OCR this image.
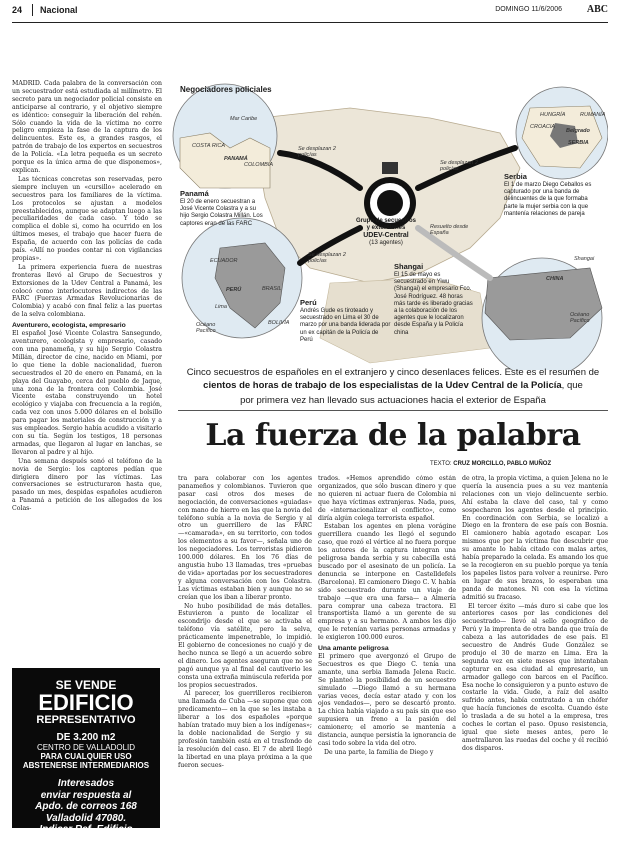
24 Nacional	DOMINGO 11/6/2006 ABC

MADRID. Cada palabra de la conversación con un secuestrador está estudiada al milímetro. El secreto para un negociador policial consiste en anticiparse al contrario, y el objetivo siempre es idéntico: conseguir la liberación del rehén. Sólo cuando la vida de la víctima no corre peligro empieza la fase de la captura de los delincuentes. Este es, a grandes rasgos, el patrón de trabajo de los expertos en secuestros de la Policía. «La letra pequeña es un secreto porque es la única arma de que disponemos», explican.

Las técnicas concretas son reservadas, pero siempre incluyen un «cursillo» acelerado en secuestros para los familiares de la víctima. Los protocolos se ajustan a modelos preestablecidos, aunque se adaptan luego a las peculiaridades de cada caso. Y todo se complica el doble si, como ha ocurrido en los últimos meses, el trabajo que hacer fuera de España, de acuerdo con las policías de cada país. «Allí no puedes contar ni con vigilancias propias».

La primera experiencia fuera de nuestras fronteras llevó al Grupo de Secuestros y Extorsiones de la Udev Central a Panamá, les colocó como interlocutores indirectos de las FARC (Fuerzas Armadas Revolucionarias de Colombia) y acabó con final feliz a las puertas de la selva colombiana.

Aventurero, ecologista, empresario

El español José Vicente Colastra Sansegundo, aventurero, ecologista y empresario, casado con una panameña, y su hijo Sergio Colastra Millán, director de cine, nacido en Miami, por lo que tiene la doble nacionalidad, fueron secuestrados el 20 de enero en Panamá, en la playa del Guayabo, cerca del pueblo de Jaque, una zona de la frontera con Colombia. José Vicente estaba construyendo un hotel ecológico y viajaba con frecuencia a la región, cada vez con unos 5.000 dólares en el bolsillo para pagar los materiales de construcción y a sus empleados. Sergio había acudido a visitarlo con su tía. Según los testigos, 18 personas armadas, que llegaron al lugar en lanchas, se llevaron al padre y al hijo.

Una semana después sonó el teléfono de la novia de Sergio: los captores pedían que dirigiera dinero por las víctimas. Las conversaciones se estructuraron hasta que, pasado un mes, despidas españoles acudieron a Panamá a petición de los allegados de los Colas-

SE VENDE
EDIFICIO
REPRESENTATIVO
DE 3.200 m2
CENTRO DE VALLADOLID
PARA CUALQUIER USO
ABSTENERSE INTERMEDIARIOS
Interesados
enviar respuesta al
Apdo. de correos 168
Valladolid 47080.
Indicar Ref. Edificio
Negociadores policiales
Mar Caribe
COSTA RICA
PANAMÁ
COLOMBIA
Se desplazan 2 policías
Se desplazan 2 policías
Se desplazan 2 policías
Resuelto desde España
ECUADOR
BRASIL
PERÚ
Lima
BOLIVIA
Océano Pacífico
CHINA
Shangai
Océano Pacífico
HUNGRÍA
CROACIA
Belgrado
RUMANÍA
SERBIA
Panamá
El 20 de enero secuestran a José Vicente Colastra y a su hijo Sergio Colastra Millán. Los captores eran de las FARC
Perú
Andrés Gude es tiroteado y secuestrado en Lima el 30 de marzo por una banda liderada por un ex capitán de la Policía de Perú
Shangai
El 15 de mayo es secuestrado en Yiwu (Shangai) el empresario Fco. José Rodríguez. 48 horas más tarde es liberado gracias a la colaboración de los agentes que le localizaron desde España y la Policía china
Serbia
El 1 de marzo Diego Ceballos es capturado por una banda de delincuentes de la que formaba parte la mujer serbia con la que mantenía relaciones de pareja
Grupo de secuestros
y extorsiones
UDEV-Central
(13 agentes)
Cinco secuestros de españoles en el extranjero y cinco desenlaces felices. Este es el resumen de
cientos de horas de trabajo de los especialistas de la Udev Central de la Policía, que
por primera vez han llevado sus actuaciones hacia el exterior de España
La fuerza de la palabra
TEXTO: CRUZ MORCILLO, PABLO MUÑOZ

tra para colaborar con los agentes panameños y colombianos. Tuvieron que pasar casi otros dos meses de negociación, de conversaciones «guiadas» con mano de hierro en las que la novia del teléfono subía a la novia de Sergio y al otro un guerrillero de las FARC —«camarada», en su territorio, con todos los elementos a su favor—, señala uno de los negociadores. Los terroristas pidieron 100.000 dólares. En los 76 días de angustia hubo 13 llamadas, tres «pruebas de vida» aportadas por los secuestradores y alguna conversación con los Colastra. Las víctimas estaban bien y aunque no se creían que los iban a liberar pronto.

No hubo posibilidad de más detalles. Estuvieron a punto de localizar el escondrijo desde el que se activaba el teléfono vía satélite, pero la selva, prácticamente impenetrable, lo impidió. El gobierno de concesiones no cuajó y de hecho nunca se llegó a un acuerdo sobre el dinero. Los agentes aseguran que no se pagó aunque ya al final del cautiverio les consta una extraña minúscula referida por los propios secuestrados.

Al parecer, los guerrilleros recibieron una llamada de Cuba —se supone que con predicamento— en la que se les instaba a liberar a los dos españoles «porque habían tratado muy bien a los indígenas»; la doble nacionalidad de Sergio y su profesión también está en el trasfondo de la resolución del caso. El 7 de abril llegó la libertad en una playa próxima a la que fueron secues-

trados. «Hemos aprendido cómo están organizados, que sólo buscan dinero y que no quieren ni actuar fuera de Colombia ni que haya víctimas extranjeras. Nada, pues, de «internacionalizar el conflicto», como diría algún colega terrorista español.

Estaban los agentes en plena vorágine guerrillera cuando les llegó el segundo caso, que rozó el vértice al no fuera porque los autores de la captura integran una peligrosa banda serbia y su cabecilla está buscado por el asesinato de un policía. La denuncia se interpone en Castelldefels (Barcelona). El camionero Diego C. V. había sido secuestrado durante un viaje de trabajo —que era una farsa— a Almería para comprar una cabeza tractora. El transportista llamó a un gerente de su empresa y a su hermano. A ambos les dijo que le retenían varias personas armadas y le exigieron 100.000 euros.

Una amante peligrosa

El primero que avergonzó el Grupo de Secuestros es que Diego C. tenía una amante, una serbia llamada Jelena Rucic. Se planteó la posibilidad de un secuestro simulado —Diego llamó a su hermana varias veces, decía estar atado y con los ojos vendados—, pero se descartó pronto. La chica había viajado a su país sin que eso supusiera un freno a la pasión del camionero; el amorío se mantenía a distancia, aunque persistía la ignorancia de casi todo sobre la vida del otro.

De una parte, la familia de Diego y

de otra, la propia víctima, a quien Jelena no le quería la ausencia pues a su vez mantenía relaciones con un viejo delincuente serbio. Ahí estaba la clave del caso, tal y como sospecharon los agentes desde el principio. En coordinación con Serbia, se localizó a Diego en la frontera de ese país con Bosnia. El camionero había agotado escapar. Los mismos que por la víctima fue descubrir que su amante lo había citado con malas artes, había preparado la celada. Es amando los que se la recogieron en su pueblo porque ya tenía los papeles listos para volver a reunirse. Pero en lugar de sus brazos, lo esperaban una panda de matones. Ni con esa la víctima admitió su fracaso.

El tercer éxito —más duro si cabe que los anteriores casos por las condiciones del secuestrado— llevó al sello geográfico de Perú y la imprenta de otra banda que traía de cabeza a las autoridades de ese país. El secuestro de Andrés Gude González se produjo el 30 de marzo en Lima. Era la segunda vez en siete meses que intentaban capturar en esa ciudad al empresario, un armador gallego con barcos en el Pacífico. Esa noche lo consiguieron y a punto estuvo de costarle la vida. Gude, a raíz del asalto sufrido antes, había contratado a un chófer que hacía funciones de escolta. Cuando éste lo traslada a de su hotel a la empresa, tres coches le cortan el paso. Opuso resistencia, igual que siete meses antes, pero le ametrallaron las ruedas del coche y él recibió dos disparos.
